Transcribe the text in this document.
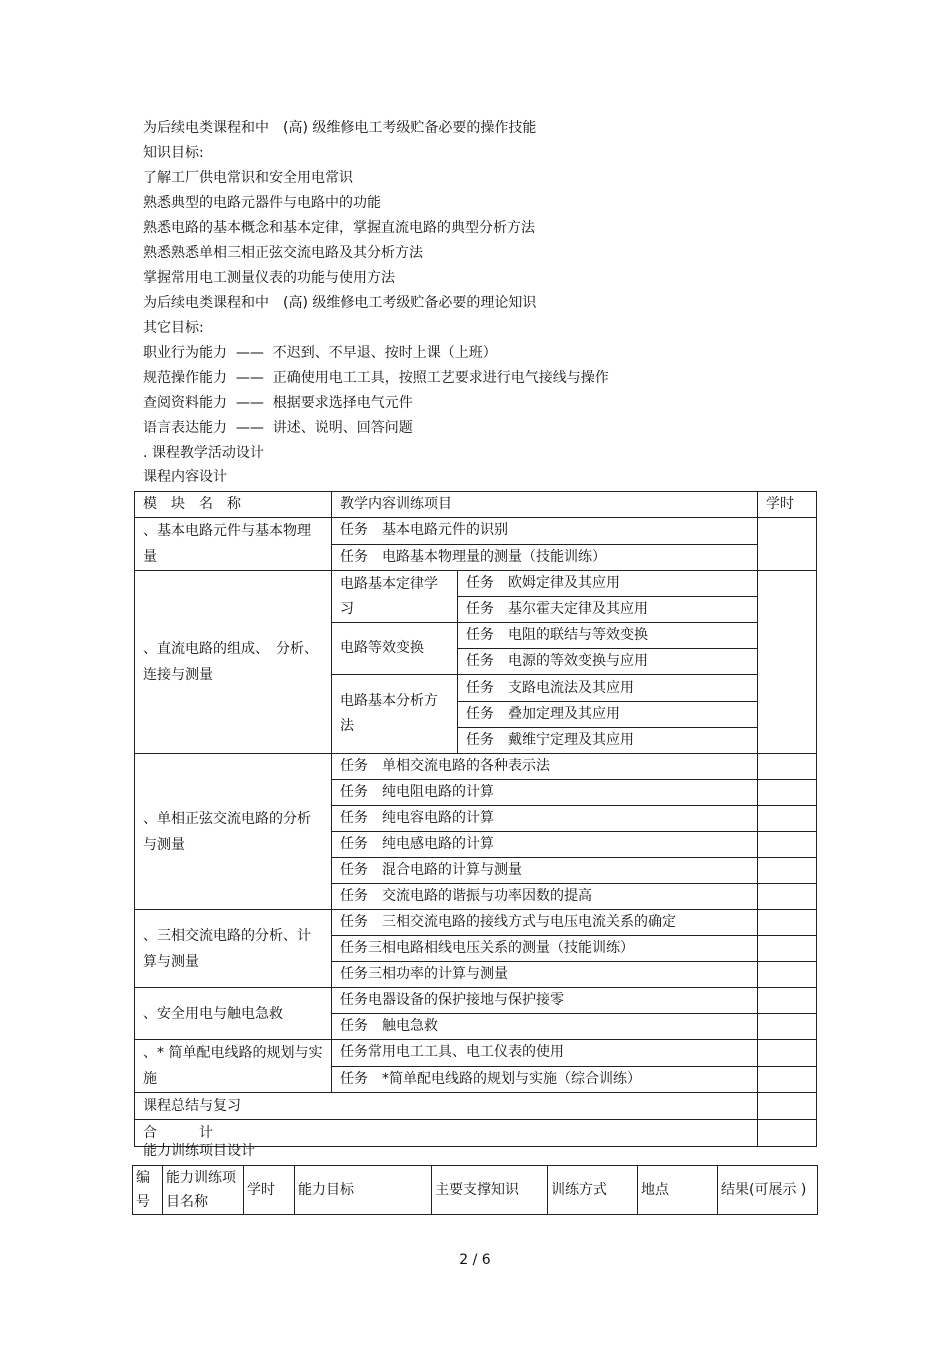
为后续电类课程和中　(高) 级维修电工考级贮备必要的操作技能
知识目标:
了解工厂供电常识和安全用电常识
熟悉典型的电路元器件与电路中的功能
熟悉电路的基本概念和基本定律，掌握直流电路的典型分析方法
熟悉熟悉单相三相正弦交流电路及其分析方法
掌握常用电工测量仪表的功能与使用方法
为后续电类课程和中　(高) 级维修电工考级贮备必要的理论知识
其它目标:
职业行为能力  ——  不迟到、不早退、按时上课（上班）
规范操作能力  ——  正确使用电工工具，按照工艺要求进行电气接线与操作
查阅资料能力  ——  根据要求选择电气元件
语言表达能力  ——  讲述、说明、回答问题
. 课程教学活动设计
课程内容设计
模　块　名　称	教学内容训练项目		学时
、基本电路元件与基本物理量	任务　基本电路元件的识别		
	任务　电路基本物理量的测量（技能训练）		
、直流电路的组成、　分析、连接与测量	电路基本定律学习	任务　欧姆定律及其应用	
		任务　基尔霍夫定律及其应用	
	电路等效变换	任务　电阻的联结与等效变换	
		任务　电源的等效变换与应用	
	电路基本分析方法	任务　支路电流法及其应用	
		任务　叠加定理及其应用	
		任务　戴维宁定理及其应用	
、单相正弦交流电路的分析与测量	任务　单相交流电路的各种表示法		
	任务　纯电阻电路的计算		
	任务　纯电容电路的计算		
	任务　纯电感电路的计算		
	任务　混合电路的计算与测量		
	任务　交流电路的谐振与功率因数的提高		
、三相交流电路的分析、计算与测量	任务　三相交流电路的接线方式与电压电流关系的确定		
	任务三相电路相线电压关系的测量（技能训练）		
	任务三相功率的计算与测量		
、安全用电与触电急救	任务电器设备的保护接地与保护接零		
	任务　触电急救		
、* 简单配电线路的规划与实施	任务常用电工工具、电工仪表的使用		
	任务　*简单配电线路的规划与实施（综合训练）		
课程总结与复习			
合　　　计			
能力训练项目设计
编号	能力训练项目名称	学时	能力目标	主要支撑知识	训练方式	地点	结果(可展示 )
2 / 6
